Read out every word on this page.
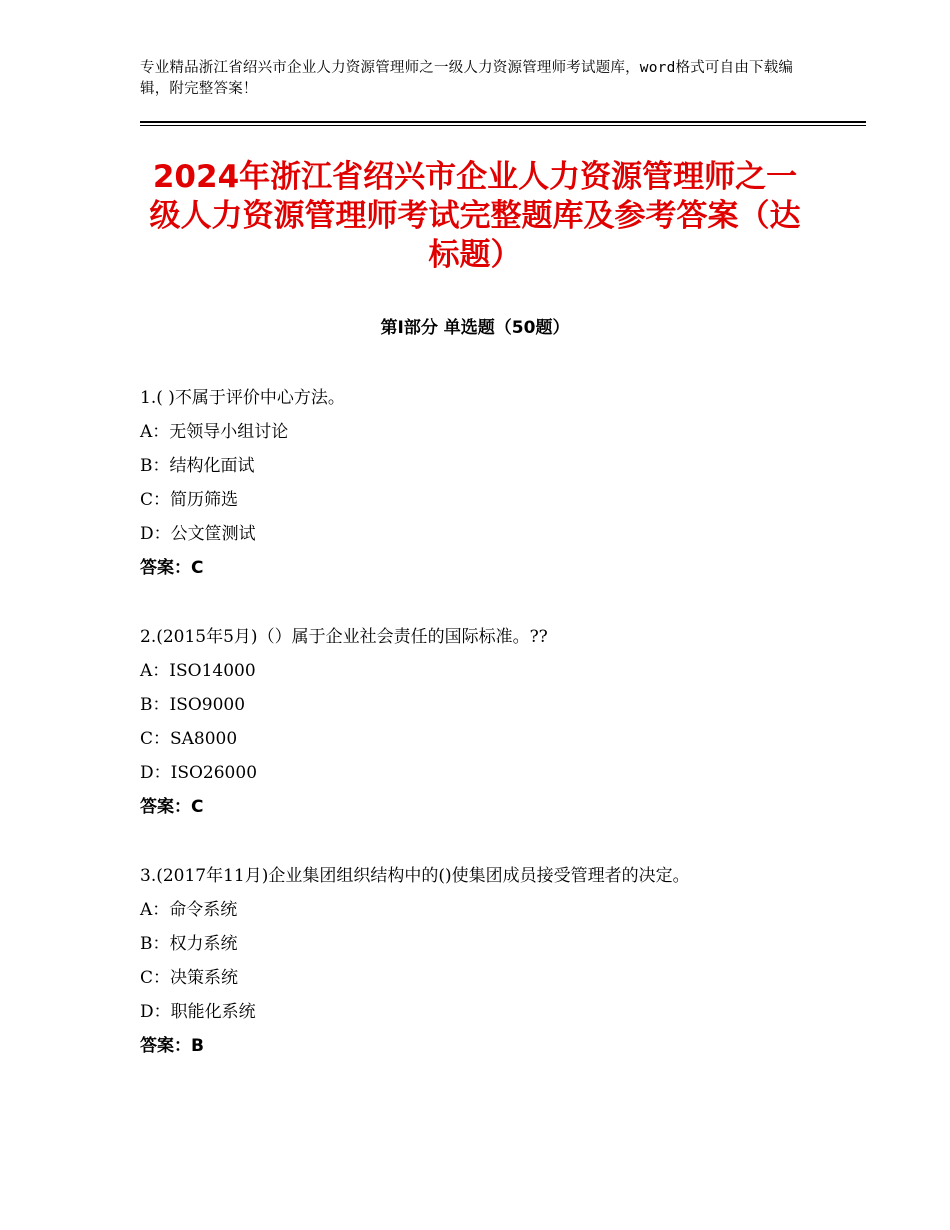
专业精品浙江省绍兴市企业人力资源管理师之一级人力资源管理师考试题库，word格式可自由下载编辑，附完整答案！
2024年浙江省绍兴市企业人力资源管理师之一级人力资源管理师考试完整题库及参考答案（达标题）
第Ⅰ部分 单选题（50题）

1.( )不属于评价中心方法。

A：无领导小组讨论

B：结构化面试

C：简历筛选

D：公文筐测试

答案：C

2.(2015年5月)（）属于企业社会责任的国际标准。??

A：ISO14000

B：ISO9000

C：SA8000

D：ISO26000

答案：C

3.(2017年11月)企业集团组织结构中的()使集团成员接受管理者的决定。

A：命令系统

B：权力系统

C：决策系统

D：职能化系统

答案：B
